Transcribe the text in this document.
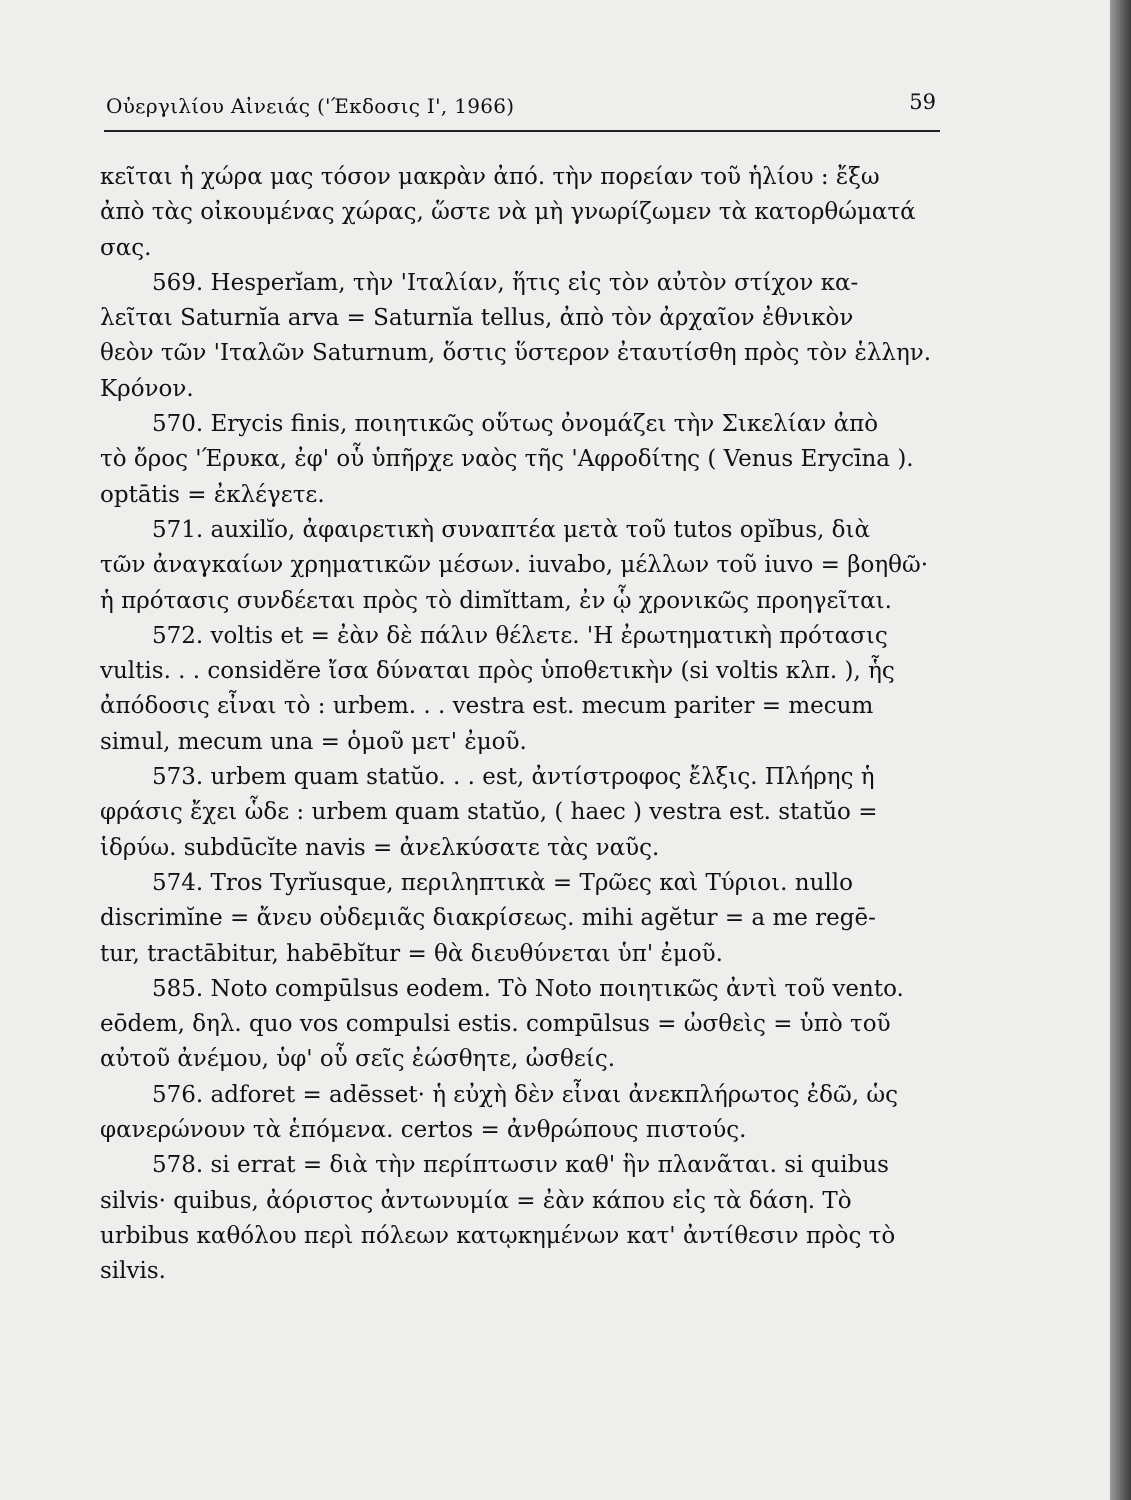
Οὐεργιλίου Αἰνειάς ('Έκδοσις Ι', 1966)	59
κεῖται ἡ χώρα μας τόσον μακρὰν ἀπό. τὴν πορείαν τοῦ ἡλίου : ἔξω
ἀπὸ τὰς οἰκουμένας χώρας, ὥστε νὰ μὴ γνωρίζωμεν τὰ κατορθώματά
σας.
569. Hesperĭam, τὴν 'Ιταλίαν, ἥτις εἰς τὸν αὐτὸν στίχον κα-
λεῖται Saturnĭa arva = Saturnĭa tellus, ἀπὸ τὸν ἀρχαῖον ἐθνικὸν
θεὸν τῶν 'Ιταλῶν Saturnum, ὅστις ὕστερον ἐταυτίσθη πρὸς τὸν ἑλλην.
Κρόνον.
570. Erycis finis, ποιητικῶς οὕτως ὀνομάζει τὴν Σικελίαν ἀπὸ
τὸ ὄρος 'Έρυκα, ἐφ' οὗ ὑπῆρχε ναὸς τῆς 'Αφροδίτης ( Venus Erycīna ).
optātis = ἐκλέγετε.
571. auxilĭo, ἀφαιρετικὴ συναπτέα μετὰ τοῦ tutos opĭbus, διὰ
τῶν ἀναγκαίων χρηματικῶν μέσων. iuvabo, μέλλων τοῦ iuvo = βοηθῶ·
ἡ πρότασις συνδέεται πρὸς τὸ dimĭttam, ἐν ᾧ χρονικῶς προηγεῖται.
572. voltis et = ἐὰν δὲ πάλιν θέλετε. 'Η ἐρωτηματικὴ πρότασις
vultis. . . considĕre ἴσα δύναται πρὸς ὑποθετικὴν (si voltis κλπ. ), ἧς
ἀπόδοσις εἶναι τὸ : urbem. . . vestra est. mecum pariter = mecum
simul, mecum una = ὁμοῦ μετ' ἐμοῦ.
573. urbem quam statŭo. . . est, ἀντίστροφος ἔλξις. Πλήρης ἡ
φράσις ἔχει ὧδε : urbem quam statŭo, ( haec ) vestra est. statŭo =
ἱδρύω. subdūcĭte navis = ἀνελκύσατε τὰς ναῦς.
574. Tros Tyrĭusque, περιληπτικὰ = Τρῶες καὶ Τύριοι. nullo
discrimĭne = ἄνευ οὐδεμιᾶς διακρίσεως. mihi agĕtur = a me regē-
tur, tractābitur, habēbĭtur = θὰ διευθύνεται ὑπ' ἐμοῦ.
585. Noto compūlsus eodem. Τὸ Noto ποιητικῶς ἀντὶ τοῦ vento.
eōdem, δηλ. quo vos compulsi estis. compūlsus = ὠσθεὶς = ὑπὸ τοῦ
αὐτοῦ ἀνέμου, ὑφ' οὗ σεῖς ἐώσθητε, ὠσθείς.
576. adforet = adēsset· ἡ εὐχὴ δὲν εἶναι ἀνεκπλήρωτος ἐδῶ, ὡς
φανερώνουν τὰ ἑπόμενα. certos = ἀνθρώπους πιστούς.
578. si errat = διὰ τὴν περίπτωσιν καθ' ἣν πλανᾶται. si quibus
silvis· quibus, ἀόριστος ἀντωνυμία = ἐὰν κάπου εἰς τὰ δάση. Τὸ
urbibus καθόλου περὶ πόλεων κατῳκημένων κατ' ἀντίθεσιν πρὸς τὸ
silvis.
